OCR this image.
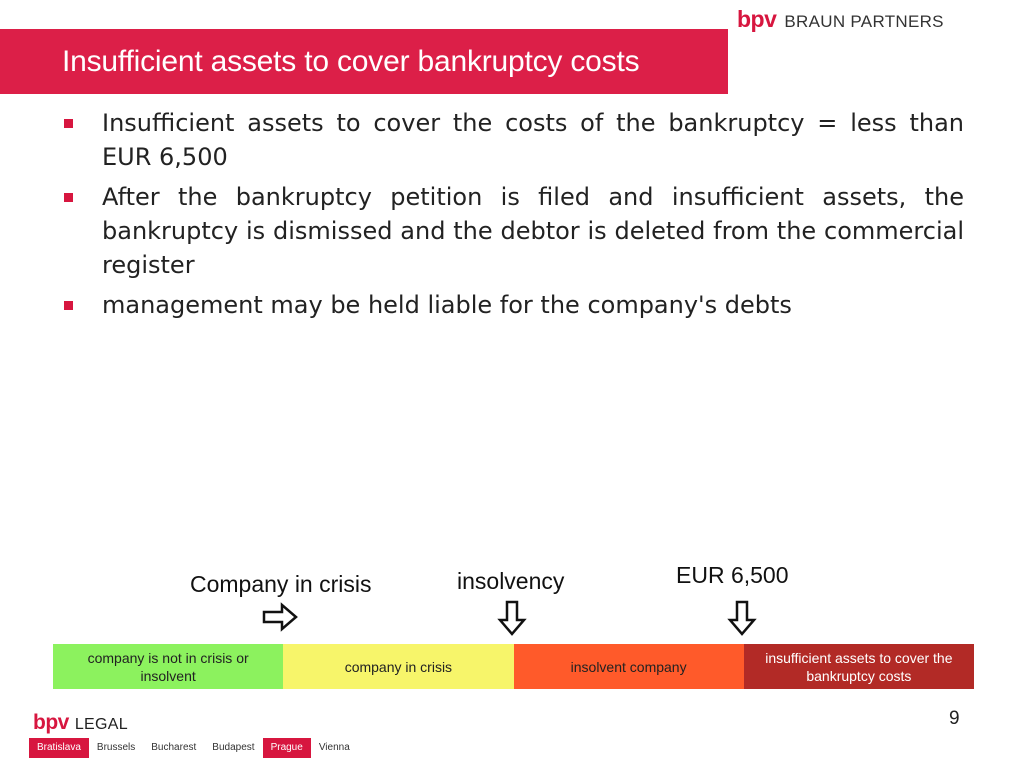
bpv BRAUN PARTNERS
Insufficient assets to cover bankruptcy costs
Insufficient assets to cover the costs of the bankruptcy = less than EUR 6,500
After the bankruptcy petition is filed and insufficient assets, the bankruptcy is dismissed and the debtor is deleted from the commercial register
management may be held liable for the company's debts
Company in crisis	insolvency	EUR 6,500
company is not in crisis or insolvent
company in crisis	insolvent company
insufficient assets to cover the bankruptcy costs
9
bpv LEGAL
Bratislava	Brussels	Bucharest	Budapest	Prague	Vienna
